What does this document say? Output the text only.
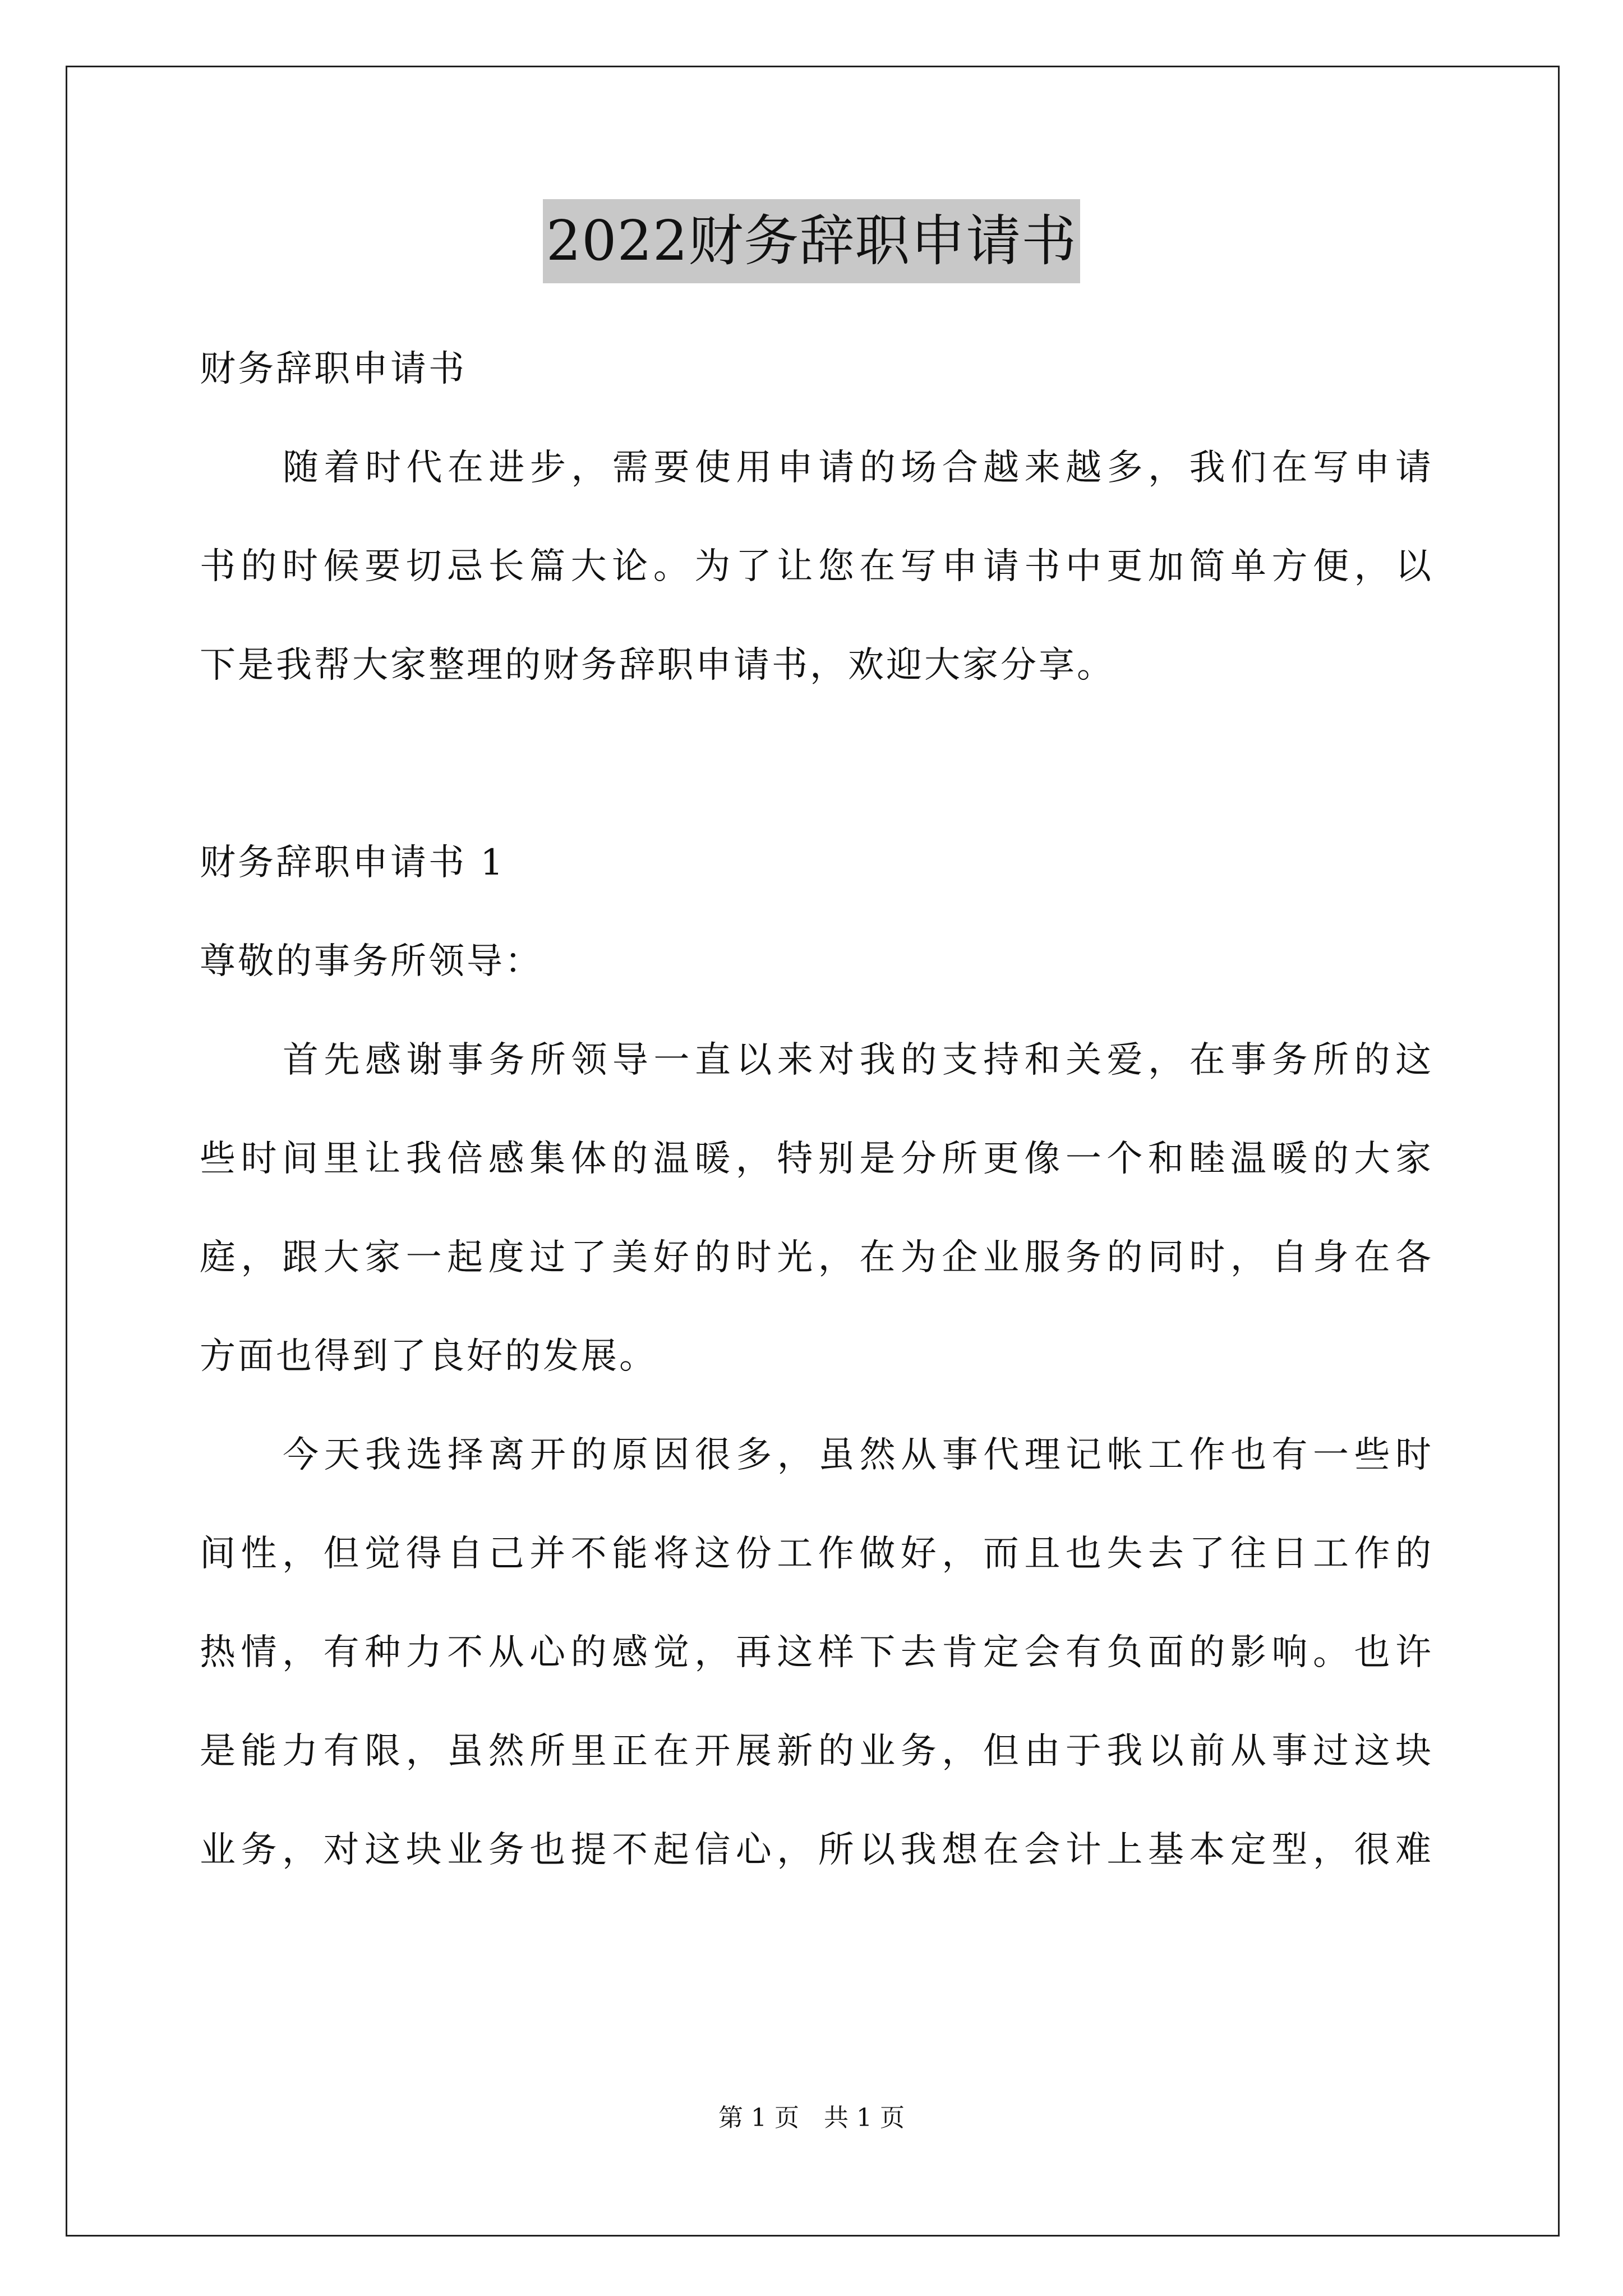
2022财务辞职申请书
财务辞职申请书
随着时代在进步，需要使用申请的场合越来越多，我们在写申请
书的时候要切忌长篇大论。为了让您在写申请书中更加简单方便，以
下是我帮大家整理的财务辞职申请书，欢迎大家分享。
财务辞职申请书 1
尊敬的事务所领导：
首先感谢事务所领导一直以来对我的支持和关爱，在事务所的这
些时间里让我倍感集体的温暖，特别是分所更像一个和睦温暖的大家
庭，跟大家一起度过了美好的时光，在为企业服务的同时，自身在各
方面也得到了良好的发展。
今天我选择离开的原因很多，虽然从事代理记帐工作也有一些时
间性，但觉得自己并不能将这份工作做好，而且也失去了往日工作的
热情，有种力不从心的感觉，再这样下去肯定会有负面的影响。也许
是能力有限，虽然所里正在开展新的业务，但由于我以前从事过这块
业务，对这块业务也提不起信心，所以我想在会计上基本定型，很难
第 1 页　共 1 页
